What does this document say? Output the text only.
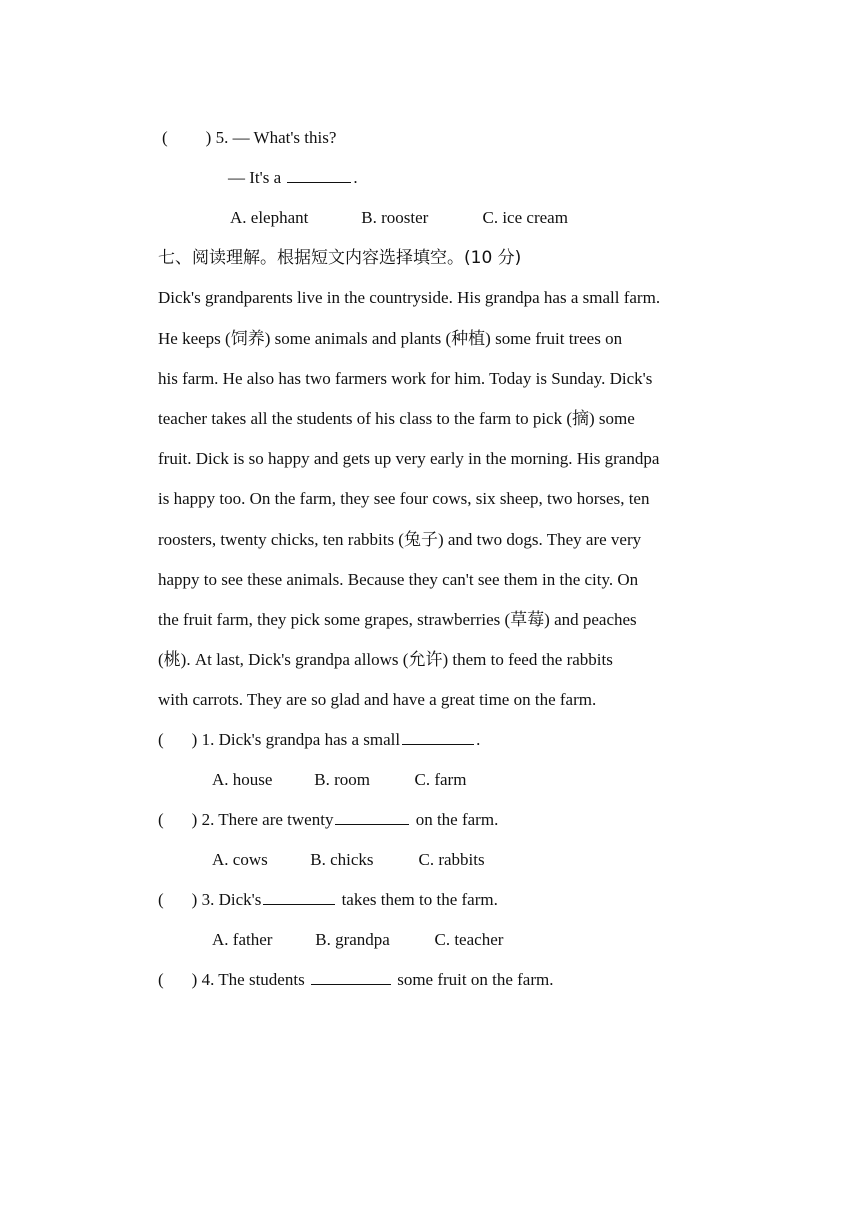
( ) 5. — What's this?
— It's a	.
A. elephant	B. rooster	C. ice cream
七、阅读理解。根据短文内容选择填空。(10 分)
Dick's grandparents live in the countryside. His grandpa has a small farm.
He keeps (饲养) some animals and plants (种植) some fruit trees on
his farm. He also has two farmers work for him. Today is Sunday. Dick's
teacher takes all the students of his class to the farm to pick (摘) some
fruit. Dick is so happy and gets up very early in the morning. His grandpa
is happy too. On the farm, they see four cows, six sheep, two horses, ten
roosters, twenty chicks, ten rabbits (兔子) and two dogs. They are very
happy to see these animals. Because they can't see them in the city. On
the fruit farm, they pick some grapes, strawberries (草莓) and peaches
(桃). At last, Dick's grandpa allows (允许) them to feed the rabbits
with carrots. They are so glad and have a great time on the farm.
( ) 1. Dick's grandpa has a small	.
A. house B. room	C. farm
( ) 2. There are twenty	on the farm.
A. cows	B. chicks	C. rabbits
( ) 3. Dick's	takes them to the farm.
A. father	B. grandpa	C. teacher
( ) 4. The students	some fruit on the farm.
